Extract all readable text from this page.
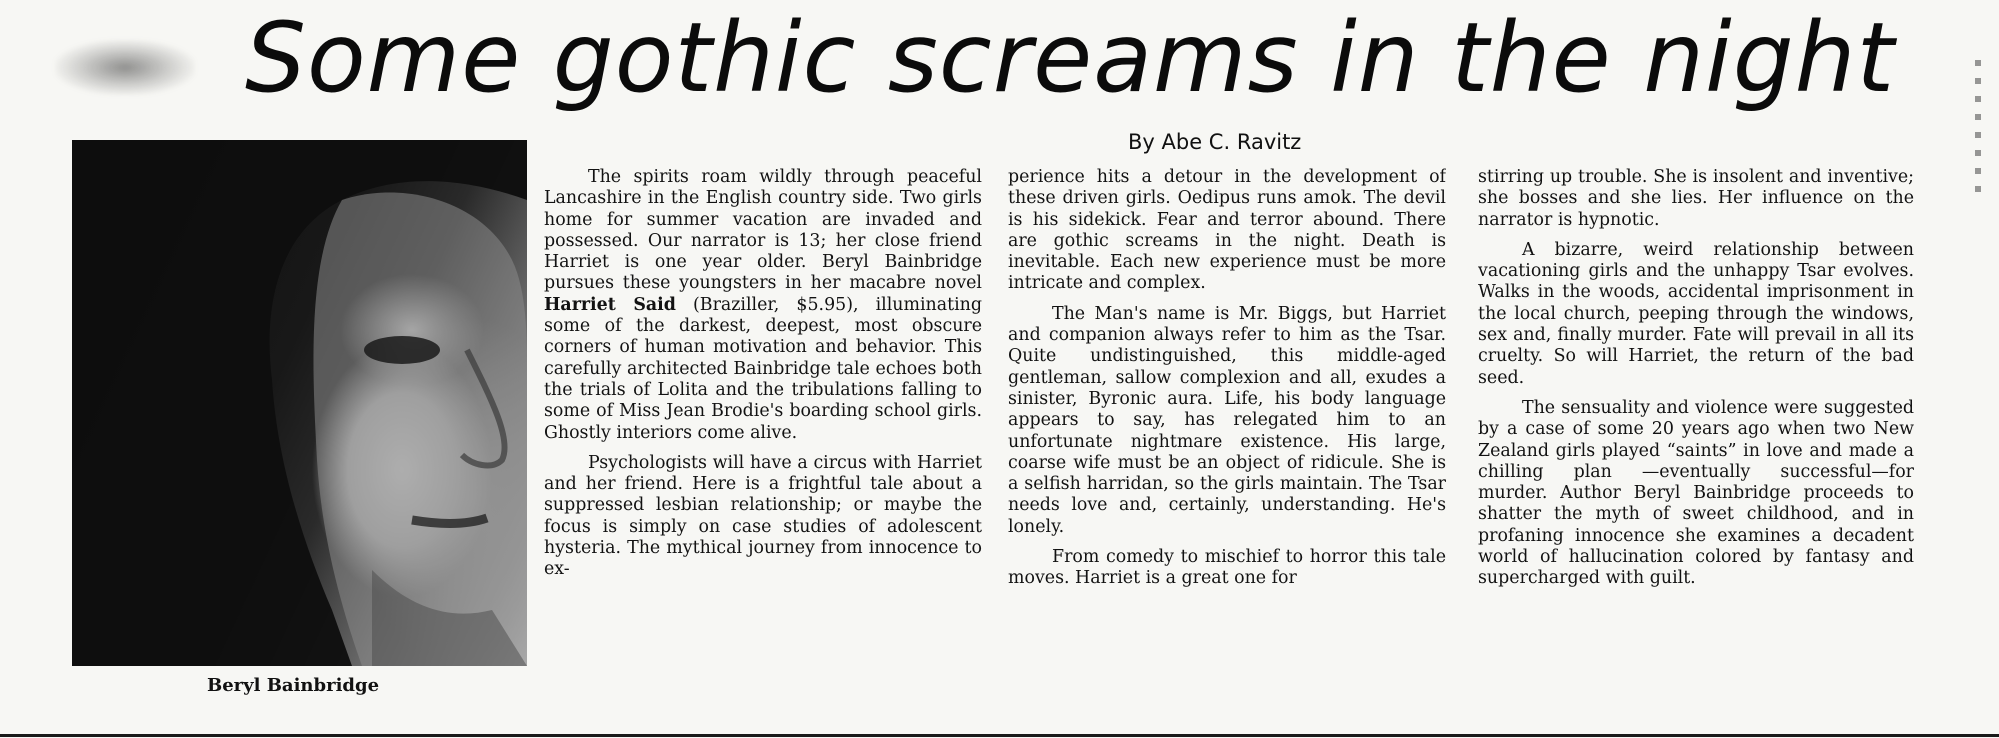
Some gothic screams in the night
By Abe C. Ravitz
Beryl Bainbridge

The spirits roam wildly through peaceful Lancashire in the English country side. Two girls home for summer vacation are invaded and possessed. Our narrator is 13; her close friend Harriet is one year older. Beryl Bainbridge pursues these youngsters in her macabre novel Harriet Said (Braziller, $5.95), illuminating some of the darkest, deepest, most obscure corners of human motivation and behavior. This carefully architected Bainbridge tale echoes both the trials of Lolita and the tribulations falling to some of Miss Jean Brodie's boarding school girls. Ghostly interiors come alive.

Psychologists will have a circus with Harriet and her friend. Here is a frightful tale about a suppressed lesbian relationship; or maybe the focus is simply on case studies of adolescent hysteria. The mythical journey from innocence to ex-

perience hits a detour in the development of these driven girls. Oedipus runs amok. The devil is his sidekick. Fear and terror abound. There are gothic screams in the night. Death is inevitable. Each new experience must be more intricate and complex.

The Man's name is Mr. Biggs, but Harriet and companion always refer to him as the Tsar. Quite undistinguished, this middle-aged gentleman, sallow complexion and all, exudes a sinister, Byronic aura. Life, his body language appears to say, has relegated him to an unfortunate nightmare existence. His large, coarse wife must be an object of ridicule. She is a selfish harridan, so the girls maintain. The Tsar needs love and, certainly, understanding. He's lonely.

From comedy to mischief to horror this tale moves. Harriet is a great one for

stirring up trouble. She is insolent and inventive; she bosses and she lies. Her influence on the narrator is hypnotic.

A bizarre, weird relationship between vacationing girls and the unhappy Tsar evolves. Walks in the woods, accidental imprisonment in the local church, peeping through the windows, sex and, finally murder. Fate will prevail in all its cruelty. So will Harriet, the return of the bad seed.

The sensuality and violence were suggested by a case of some 20 years ago when two New Zealand girls played “saints” in love and made a chilling plan —eventually successful—for murder. Author Beryl Bainbridge proceeds to shatter the myth of sweet childhood, and in profaning innocence she examines a decadent world of hallucination colored by fantasy and supercharged with guilt.
